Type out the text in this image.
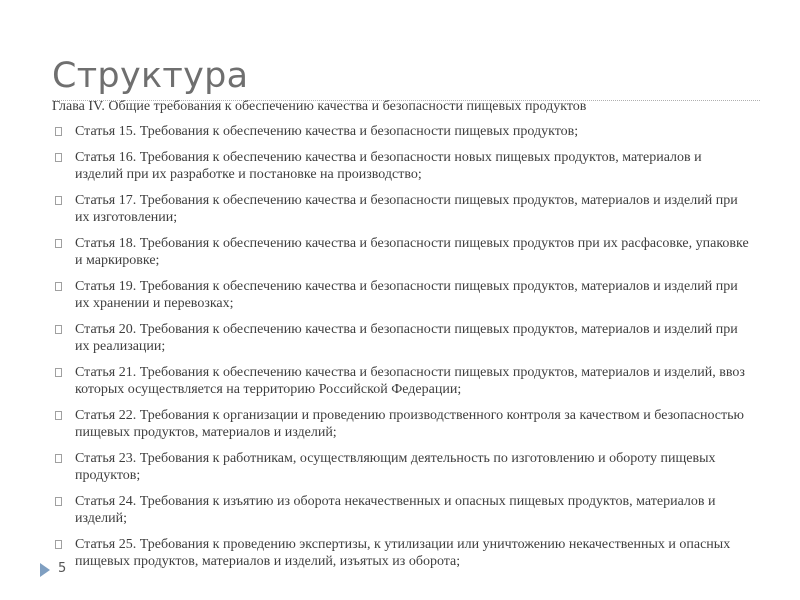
Структура

Глава IV. Общие требования к обеспечению качества и безопасности пищевых продуктов

Статья 15. Требования к обеспечению качества и безопасности пищевых продуктов;
Статья 16. Требования к обеспечению качества и безопасности новых пищевых продуктов, материалов и изделий при их разработке и постановке на производство;
Статья 17. Требования к обеспечению качества и безопасности пищевых продуктов, материалов и изделий при их изготовлении;
Статья 18. Требования к обеспечению качества и безопасности пищевых продуктов при их расфасовке, упаковке и маркировке;
Статья 19. Требования к обеспечению качества и безопасности пищевых продуктов, материалов и изделий при их хранении и перевозках;
Статья 20. Требования к обеспечению качества и безопасности пищевых продуктов, материалов и изделий при их реализации;
Статья 21. Требования к обеспечению качества и безопасности пищевых продуктов, материалов и изделий, ввоз которых осуществляется на территорию Российской Федерации;
Статья 22. Требования к организации и проведению производственного контроля за качеством и безопасностью пищевых продуктов, материалов и изделий;
Статья 23. Требования к работникам, осуществляющим деятельность по изготовлению и обороту пищевых продуктов;
Статья 24. Требования к изъятию из оборота некачественных и опасных пищевых продуктов, материалов и изделий;
Статья 25. Требования к проведению экспертизы, к утилизации или уничтожению некачественных и опасных пищевых продуктов, материалов и изделий, изъятых из оборота;
5
